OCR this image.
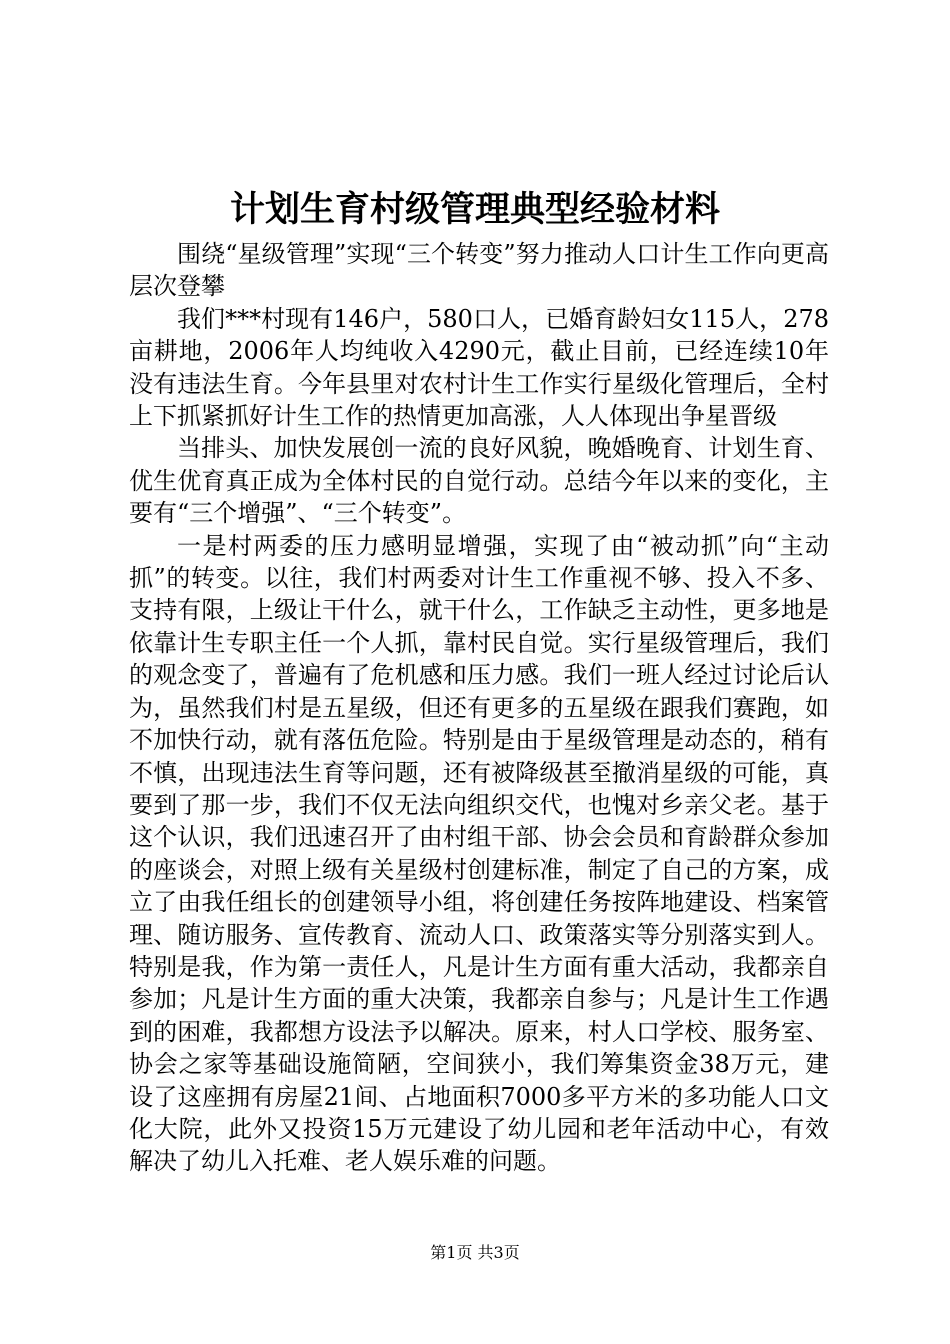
计划生育村级管理典型经验材料

围绕“星级管理”实现“三个转变”努力推动人口计生工作向更高层次登攀

我们***村现有146户，580口人，已婚育龄妇女115人，278亩耕地，2006年人均纯收入4290元，截止目前，已经连续10年没有违法生育。今年县里对农村计生工作实行星级化管理后，全村上下抓紧抓好计生工作的热情更加高涨，人人体现出争星晋级

当排头、加快发展创一流的良好风貌，晚婚晚育、计划生育、优生优育真正成为全体村民的自觉行动。总结今年以来的变化，主要有“三个增强”、“三个转变”。

一是村两委的压力感明显增强，实现了由“被动抓”向“主动抓”的转变。以往，我们村两委对计生工作重视不够、投入不多、支持有限，上级让干什么，就干什么，工作缺乏主动性，更多地是依靠计生专职主任一个人抓，靠村民自觉。实行星级管理后，我们的观念变了，普遍有了危机感和压力感。我们一班人经过讨论后认为，虽然我们村是五星级，但还有更多的五星级在跟我们赛跑，如不加快行动，就有落伍危险。特别是由于星级管理是动态的，稍有不慎，出现违法生育等问题，还有被降级甚至撤消星级的可能，真要到了那一步，我们不仅无法向组织交代，也愧对乡亲父老。基于这个认识，我们迅速召开了由村组干部、协会会员和育龄群众参加的座谈会，对照上级有关星级村创建标准，制定了自己的方案，成立了由我任组长的创建领导小组，将创建任务按阵地建设、档案管理、随访服务、宣传教育、流动人口、政策落实等分别落实到人。特别是我，作为第一责任人，凡是计生方面有重大活动，我都亲自参加；凡是计生方面的重大决策，我都亲自参与；凡是计生工作遇到的困难，我都想方设法予以解决。原来，村人口学校、服务室、协会之家等基础设施简陋，空间狭小，我们筹集资金38万元，建设了这座拥有房屋21间、占地面积7000多平方米的多功能人口文化大院，此外又投资15万元建设了幼儿园和老年活动中心，有效解决了幼儿入托难、老人娱乐难的问题。

第1页 共3页
